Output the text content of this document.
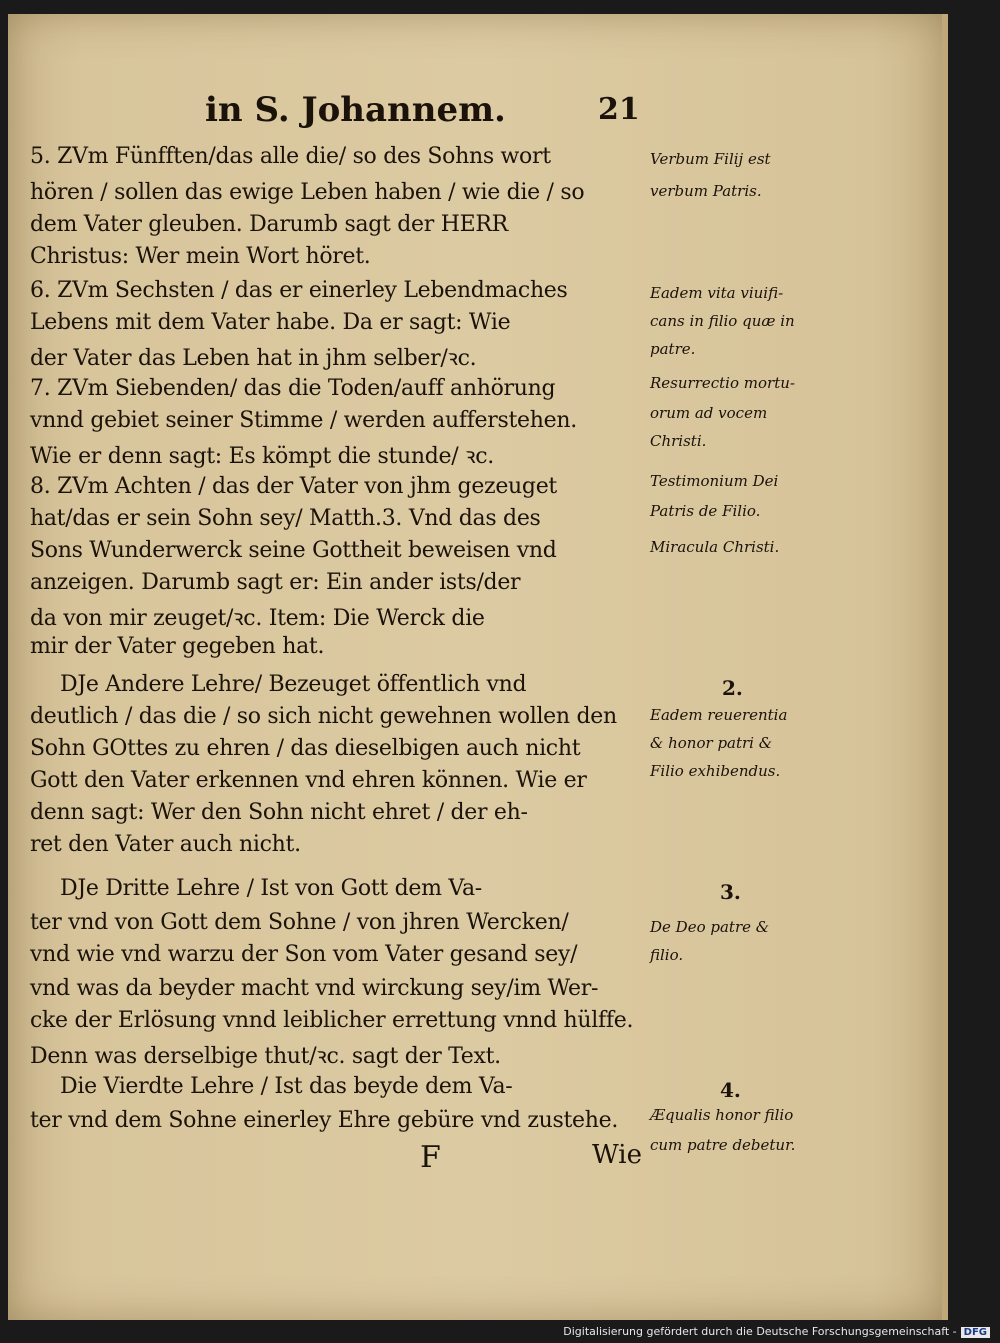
in S. Johannem.	21
5. ZVm Fünfften/das alle die/ so des Sohns wort
hören / sollen das ewige Leben haben / wie die / so
dem Vater gleuben. Darumb sagt der HERR
Christus: Wer mein Wort höret.
6. ZVm Sechsten / das er einerley Lebendmaches
Lebens mit dem Vater habe. Da er sagt: Wie
der Vater das Leben hat in jhm selber/ꝛc.
7. ZVm Siebenden/ das die Toden/auff anhörung
vnnd gebiet seiner Stimme / werden aufferstehen.
Wie er denn sagt: Es kömpt die stunde/ ꝛc.
8. ZVm Achten / das der Vater von jhm gezeuget
hat/das er sein Sohn sey/ Matth.3. Vnd das des
Sons Wunderwerck seine Gottheit beweisen vnd
anzeigen. Darumb sagt er: Ein ander ists/der
da von mir zeuget/ꝛc. Item: Die Werck die
mir der Vater gegeben hat.
DJe Andere Lehre/ Bezeuget öffentlich vnd
deutlich / das die / so sich nicht gewehnen wollen den
Sohn GOttes zu ehren / das dieselbigen auch nicht
Gott den Vater erkennen vnd ehren können. Wie er
denn sagt: Wer den Sohn nicht ehret / der eh-
ret den Vater auch nicht.
DJe Dritte Lehre / Ist von Gott dem Va-
ter vnd von Gott dem Sohne / von jhren Wercken/
vnd wie vnd warzu der Son vom Vater gesand sey/
vnd was da beyder macht vnd wirckung sey/im Wer-
cke der Erlösung vnnd leiblicher errettung vnnd hülffe.
Denn was derselbige thut/ꝛc. sagt der Text.
Die Vierdte Lehre / Ist das beyde dem Va-
ter vnd dem Sohne einerley Ehre gebüre vnd zustehe.
Verbum Filij est
verbum Patris.
Eadem vita viuifi-
cans in filio quæ in
patre.
Resurrectio mortu-
orum ad vocem
Christi.
Testimonium Dei
Patris de Filio.
Miracula Christi.
Eadem reuerentia
& honor patri &
Filio exhibendus.
De Deo patre &
filio.
Æqualis honor filio
cum patre debetur.
2.
3.
4.
F	Wie
Digitalisierung gefördert durch die Deutsche Forschungsgemeinschaft - DFG
